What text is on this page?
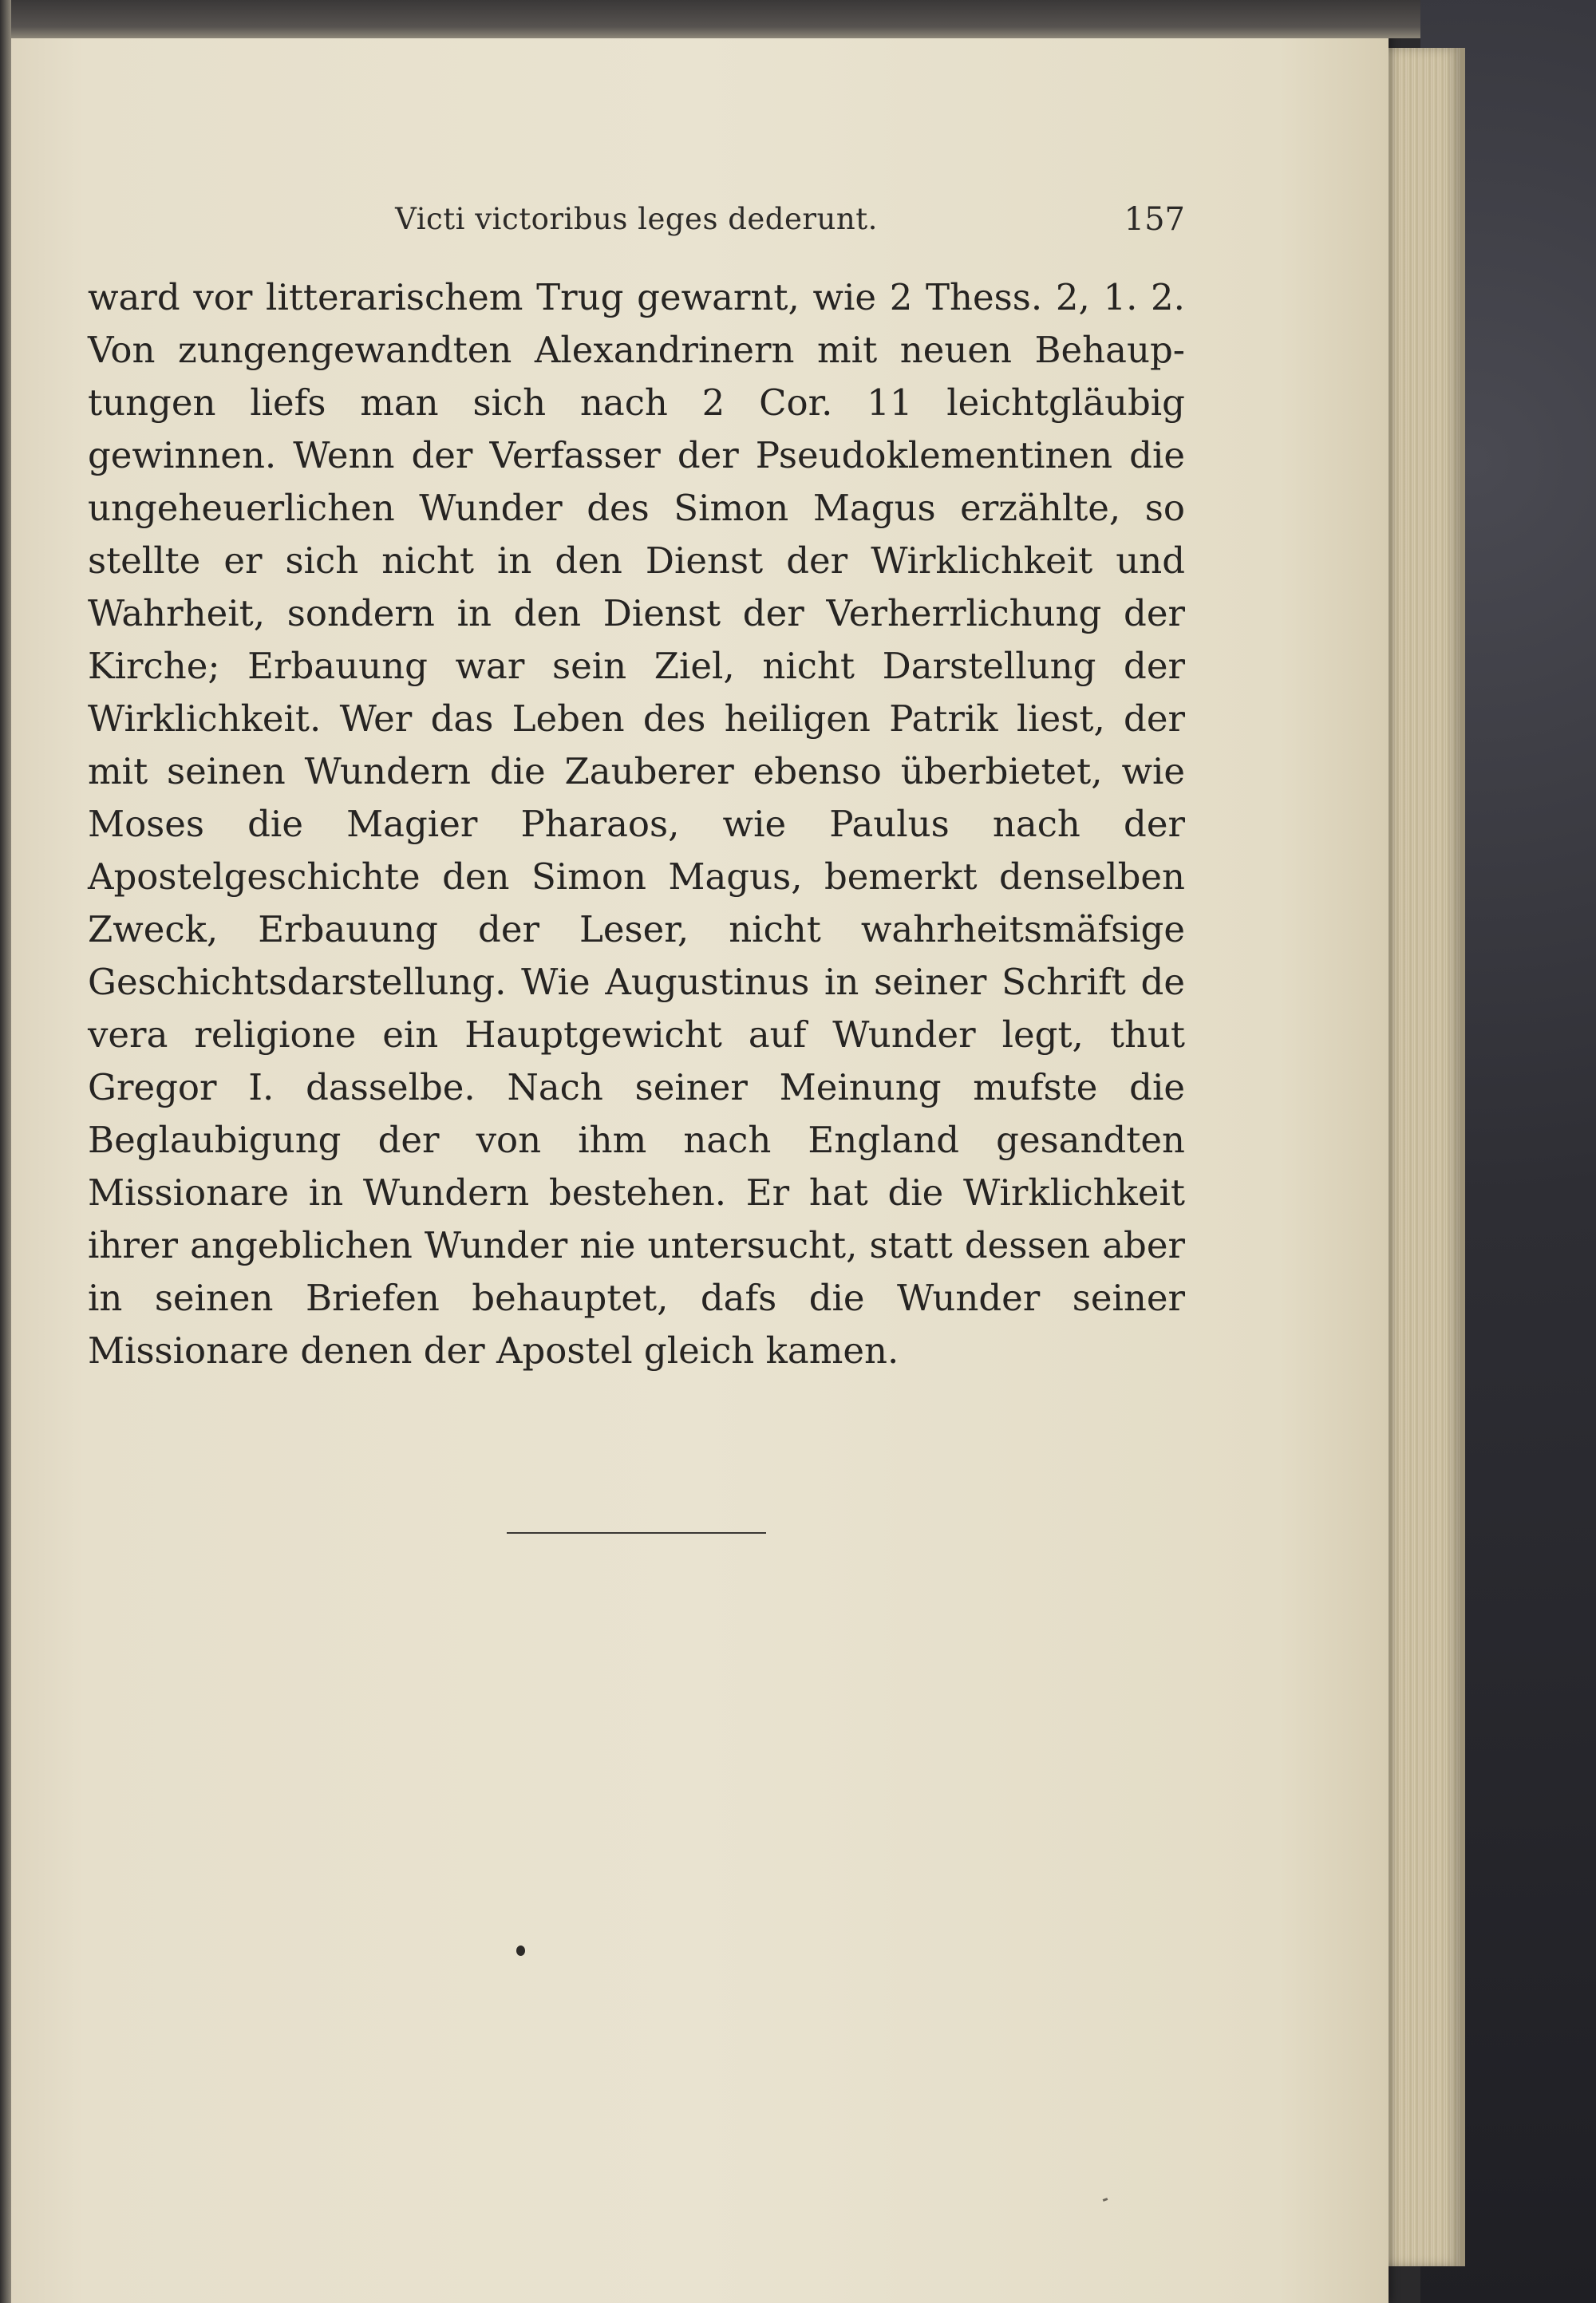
Victi victoribus leges dederunt.	157

ward vor litterarischem Trug gewarnt, wie 2 Thess. 2, 1. 2. Von zungengewandten Alexandrinern mit neuen Behauptungen liefs man sich nach 2 Cor. 11 leichtgläubig gewinnen. Wenn der Verfasser der Pseudoklementinen die ungeheuerlichen Wunder des Simon Magus erzählte, so stellte er sich nicht in den Dienst der Wirklichkeit und Wahrheit, sondern in den Dienst der Verherrlichung der Kirche; Erbauung war sein Ziel, nicht Darstellung der Wirklichkeit. Wer das Leben des heiligen Patrik liest, der mit seinen Wundern die Zauberer ebenso überbietet, wie Moses die Magier Pharaos, wie Paulus nach der Apostelgeschichte den Simon Magus, bemerkt denselben Zweck, Erbauung der Leser, nicht wahrheitsmäfsige Geschichtsdarstellung. Wie Augustinus in seiner Schrift de vera religione ein Hauptgewicht auf Wunder legt, thut Gregor I. dasselbe. Nach seiner Meinung mufste die Beglaubigung der von ihm nach England gesandten Missionare in Wundern bestehen. Er hat die Wirklichkeit ihrer angeblichen Wunder nie untersucht, statt dessen aber in seinen Briefen behauptet, dafs die Wunder seiner Missionare denen der Apostel gleich kamen.
